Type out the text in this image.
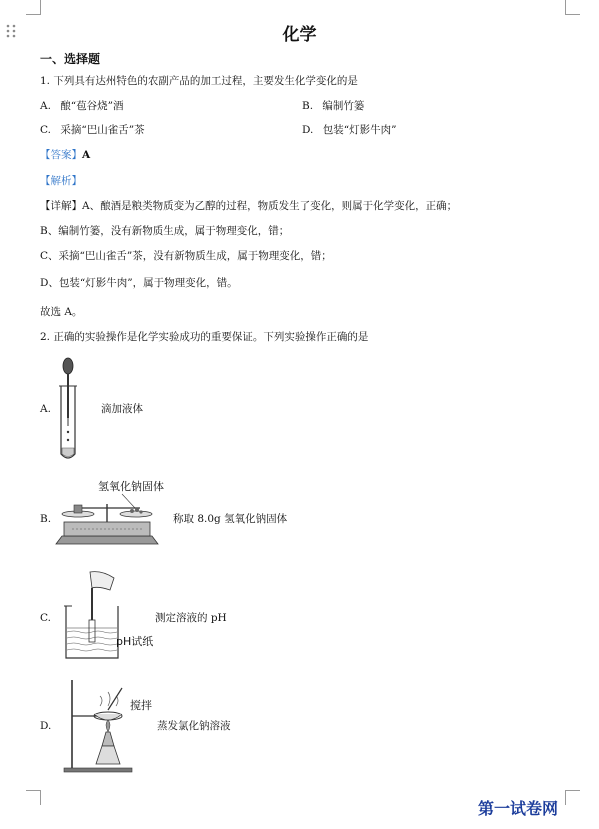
化学
一、选择题
1. 下列具有达州特色的农副产品的加工过程，主要发生化学变化的是
A. 酿“苞谷烧”酒	B. 编制竹篓
C. 采摘“巴山雀舌”茶	D. 包装“灯影牛肉”
【答案】A
【解析】
【详解】A、酿酒是粮类物质变为乙醇的过程，物质发生了变化，则属于化学变化，正确；
B、编制竹篓，没有新物质生成，属于物理变化，错；
C、采摘“巴山雀舌”茶，没有新物质生成，属于物理变化，错；
D、包装“灯影牛肉”，属于物理变化，错。
故选 A。
2. 正确的实验操作是化学实验成功的重要保证。下列实验操作正确的是
A.	滴加液体
B.
氢氧化钠固体
称取 8.0g 氢氧化钠固体
C.
pH试纸
测定溶液的 pH
D.
搅拌
蒸发氯化钠溶液
第一试卷网
